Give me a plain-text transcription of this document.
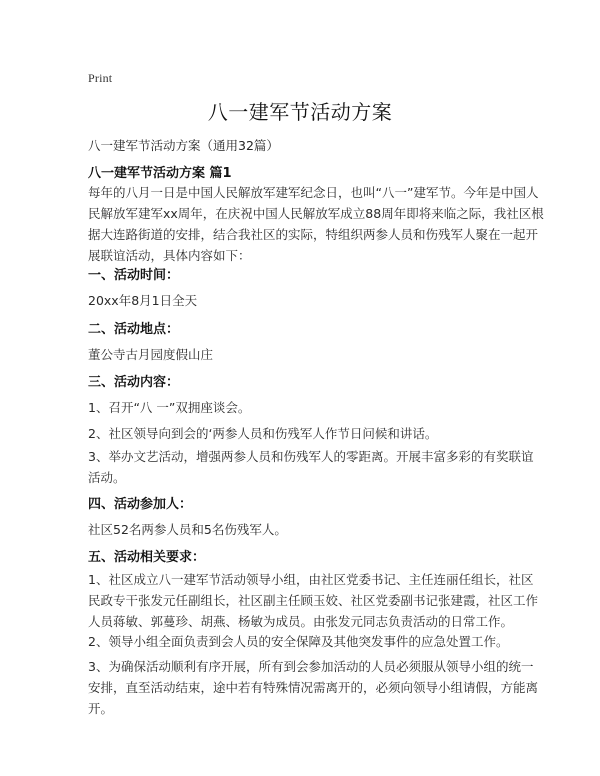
Print
八一建军节活动方案
八一建军节活动方案（通用32篇）
八一建军节活动方案 篇1
每年的八月一日是中国人民解放军建军纪念日，也叫“八一”建军节。今年是中国人
民解放军建军xx周年，在庆祝中国人民解放军成立88周年即将来临之际，我社区根
据大连路街道的安排，结合我社区的实际，特组织两参人员和伤残军人聚在一起开
展联谊活动，具体内容如下：
一、活动时间：
20xx年8月1日全天
二、活动地点：
董公寺古月园度假山庄
三、活动内容：
1、召开“八 一”双拥座谈会。
2、社区领导向到会的‘两参人员和伤残军人作节日问候和讲话。
3、举办文艺活动，增强两参人员和伤残军人的零距离。开展丰富多彩的有奖联谊
活动。
四、活动参加人：
社区52名两参人员和5名伤残军人。
五、活动相关要求：
1、社区成立八一建军节活动领导小组，由社区党委书记、主任连丽任组长，社区
民政专干张发元任副组长，社区副主任顾玉姣、社区党委副书记张建霞，社区工作
人员蒋敏、郭蔓珍、胡燕、杨敏为成员。由张发元同志负责活动的日常工作。
2、领导小组全面负责到会人员的安全保障及其他突发事件的应急处置工作。
3、为确保活动顺利有序开展，所有到会参加活动的人员必须服从领导小组的统一
安排，直至活动结束，途中若有特殊情况需离开的，必须向领导小组请假，方能离
开。
